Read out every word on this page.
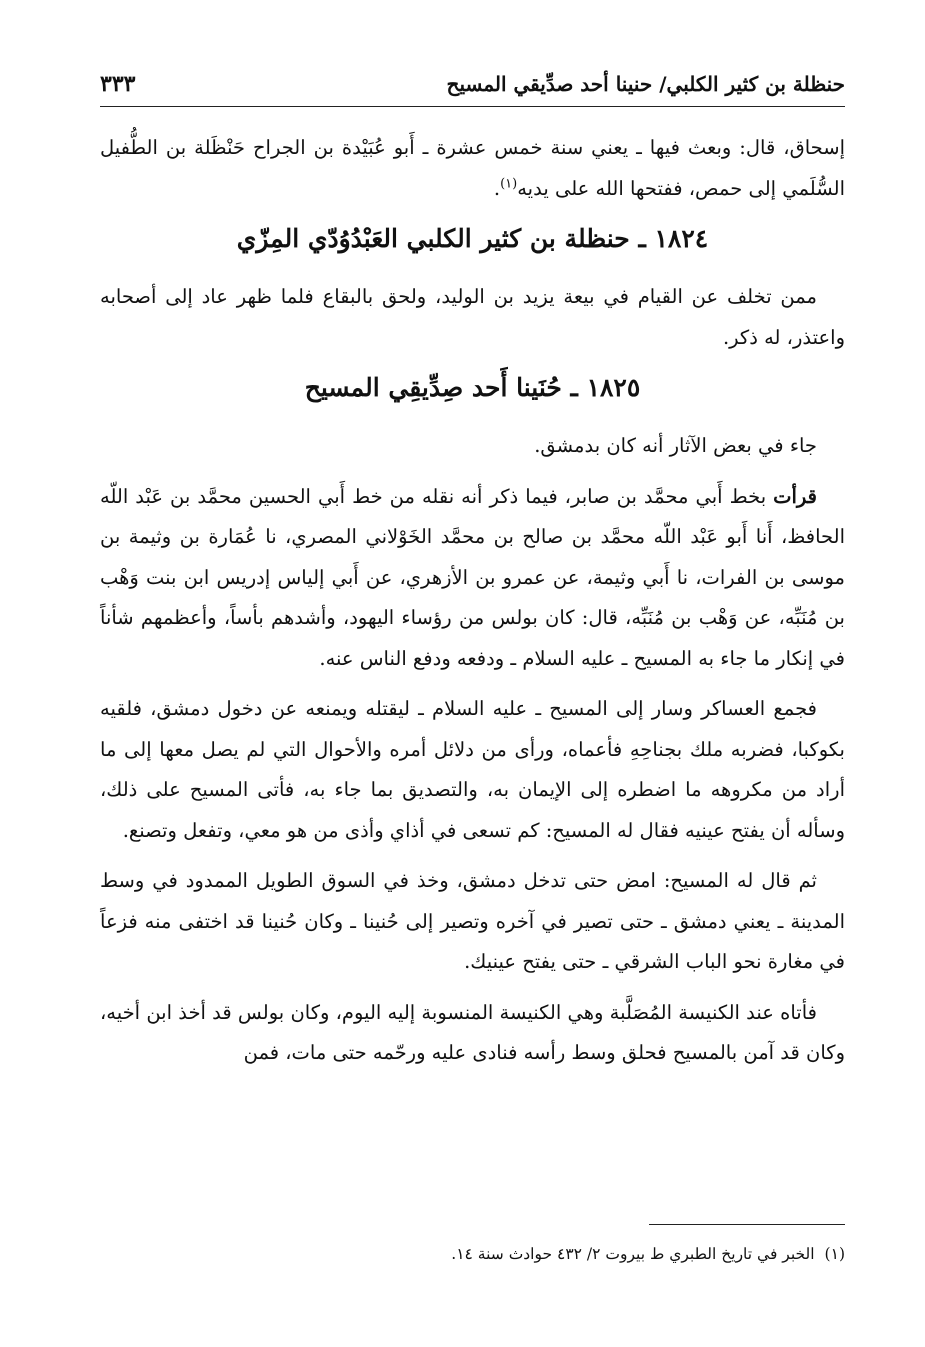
حنظلة بن كثير الكلبي/ حنينا أحد صدِّيقي المسيح
٣٣٣

إسحاق، قال: وبعث فيها ـ يعني سنة خمس عشرة ـ أَبو عُبَيْدة بن الجراح حَنْظَلة بن الطُّفيل السُّلَمي إلى حمص، ففتحها الله على يديه$^{(١)}$.

١٨٢٤ ـ حنظلة بن كثير الكلبي العَبْدُوُدّي المِزّي

ممن تخلف عن القيام في بيعة يزيد بن الوليد، ولحق بالبقاع فلما ظهر عاد إلى أصحابه واعتذر، له ذكر.

١٨٢٥ ـ حُنَينا أَحد صِدِّيقِي المسيح

جاء في بعض الآثار أنه كان بدمشق.

قرأت بخط أَبي محمَّد بن صابر، فيما ذكر أنه نقله من خط أَبي الحسين محمَّد بن عَبْد اللّه الحافظ، أَنا أَبو عَبْد اللّه محمَّد بن صالح بن محمَّد الخَوْلاني المصري، نا عُمَارة بن وثيمة بن موسى بن الفرات، نا أَبي وثيمة، عن عمرو بن الأزهري، عن أَبي إلياس إدريس ابن بنت وَهْب بن مُنَبِّه، عن وَهْب بن مُنَبِّه، قال: كان بولس من رؤساء اليهود، وأشدهم بأساً، وأعظمهم شأناً في إنكار ما جاء به المسيح ـ عليه السلام ـ ودفعه ودفع الناس عنه.

فجمع العساكر وسار إلى المسيح ـ عليه السلام ـ ليقتله ويمنعه عن دخول دمشق، فلقيه بكوكبا، فضربه ملك بجناحِهِ فأعماه، ورأى من دلائل أمره والأحوال التي لم يصل معها إلى ما أراد من مكروهه ما اضطره إلى الإيمان به، والتصديق بما جاء به، فأتى المسيح على ذلك، وسأله أن يفتح عينيه فقال له المسيح: كم تسعى في أذاي وأذى من هو معي، وتفعل وتصنع.

ثم قال له المسيح: امض حتى تدخل دمشق، وخذ في السوق الطويل الممدود في وسط المدينة ـ يعني دمشق ـ حتى تصير في آخره وتصير إلى حُنينا ـ وكان حُنينا قد اختفى منه فزعاً في مغارة نحو الباب الشرقي ـ حتى يفتح عينيك.

فأتاه عند الكنيسة المُصَلَّبة وهي الكنيسة المنسوبة إليه اليوم، وكان بولس قد أخذ ابن أخيه، وكان قد آمن بالمسيح فحلق وسط رأسه فنادى عليه ورحّمه حتى مات، فمن

(١)الخبر في تاريخ الطبري ط بيروت ٢/ ٤٣٢ حوادث سنة ١٤.
